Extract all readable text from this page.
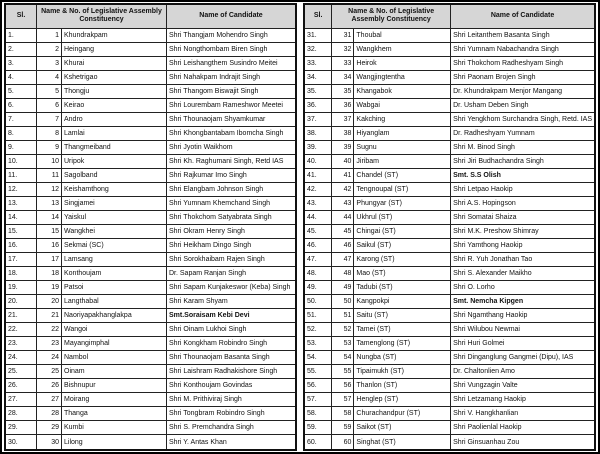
Sl.	Name & No. of Legislative Assembly Constituency		Name of Candidate
1.	1	Khundrakpam	Shri Thangjam Mohendro Singh
2.	2	Heingang	Shri Nongthombam Biren Singh
3.	3	Khurai	Shri Leishangthem Susindro Meitei
4.	4	Kshetrigao	Shri Nahakpam Indrajit Singh
5.	5	Thongju	Shri Thangom Biswajit Singh
6.	6	Keirao	Shri Lourembam Rameshwor Meetei
7.	7	Andro	Shri Thounaojam Shyamkumar
8.	8	Lamlai	Shri Khongbantabam Ibomcha Singh
9.	9	Thangmeiband	Shri Jyotin Waikhom
10.	10	Uripok	Shri Kh. Raghumani Singh, Retd IAS
11.	11	Sagolband	Shri Rajkumar Imo Singh
12.	12	Keishamthong	Shri Elangbam Johnson Singh
13.	13	Singjamei	Shri Yumnam Khemchand Singh
14.	14	Yaiskul	Shri Thokchom Satyabrata Singh
15.	15	Wangkhei	Shri Okram Henry Singh
16.	16	Sekmai (SC)	Shri Heikham Dingo Singh
17.	17	Lamsang	Shri Sorokhaibam Rajen Singh
18.	18	Konthoujam	Dr. Sapam Ranjan Singh
19.	19	Patsoi	Shri Sapam Kunjakeswor (Keba) Singh
20.	20	Langthabal	Shri Karam Shyam
21.	21	Naoriyapakhanglakpa	Smt.Soraisam Kebi Devi
22.	22	Wangoi	Shri Oinam Lukhoi Singh
23.	23	Mayangimphal	Shri Kongkham Robindro Singh
24.	24	Nambol	Shri Thounaojam Basanta Singh
25.	25	Oinam	Shri Laishram Radhakishore Singh
26.	26	Bishnupur	Shri Konthoujam Govindas
27.	27	Moirang	Shri M. Prithiviraj Singh
28.	28	Thanga	Shri Tongbram Robindro Singh
29.	29	Kumbi	Shri S. Premchandra Singh
30.	30	Lilong	Shri Y. Antas Khan
Sl.	Name & No. of Legislative Assembly Constituency		Name of Candidate
31.	31	Thoubal	Shri Leitanthem Basanta Singh
32.	32	Wangkhem	Shri Yumnam Nabachandra Singh
33.	33	Heirok	Shri Thokchom Radheshyam Singh
34.	34	Wangjingtentha	Shri Paonam Brojen Singh
35.	35	Khangabok	Dr. Khundrakpam Menjor Mangang
36.	36	Wabgai	Dr. Usham Deben Singh
37.	37	Kakching	Shri Yengkhom Surchandra Singh, Retd. IAS
38.	38	Hiyanglam	Dr. Radheshyam Yumnam
39.	39	Sugnu	Shri M. Binod Singh
40.	40	Jiribam	Shri Jiri Budhachandra Singh
41.	41	Chandel (ST)	Smt. S.S Olish
42.	42	Tengnoupal (ST)	Shri Letpao Haokip
43.	43	Phungyar (ST)	Shri A.S. Hopingson
44.	44	Ukhrul (ST)	Shri Somatai Shaiza
45.	45	Chingai (ST)	Shri M.K. Preshow Shimray
46.	46	Saikul (ST)	Shri Yamthong Haokip
47.	47	Karong (ST)	Shri R. Yuh Jonathan Tao
48.	48	Mao (ST)	Shri S. Alexander Maikho
49.	49	Tadubi (ST)	Shri O. Lorho
50.	50	Kangpokpi	Smt. Nemcha Kipgen
51.	51	Saitu (ST)	Shri Ngamthang Haokip
52.	52	Tamei (ST)	Shri Wilubou Newmai
53.	53	Tamenglong (ST)	Shri Huri Golmei
54.	54	Nungba (ST)	Shri Dinganglung Gangmei (Dipu), IAS
55.	55	Tipaimukh (ST)	Dr. Chaltonlien Amo
56.	56	Thanlon (ST)	Shri Vungzagin Valte
57.	57	Henglep (ST)	Shri Letzamang Haokip
58.	58	Churachandpur (ST)	Shri V. Hangkhanlian
59.	59	Saikot (ST)	Shri Paolienlal Haokip
60.	60	Singhat (ST)	Shri Ginsuanhau Zou
